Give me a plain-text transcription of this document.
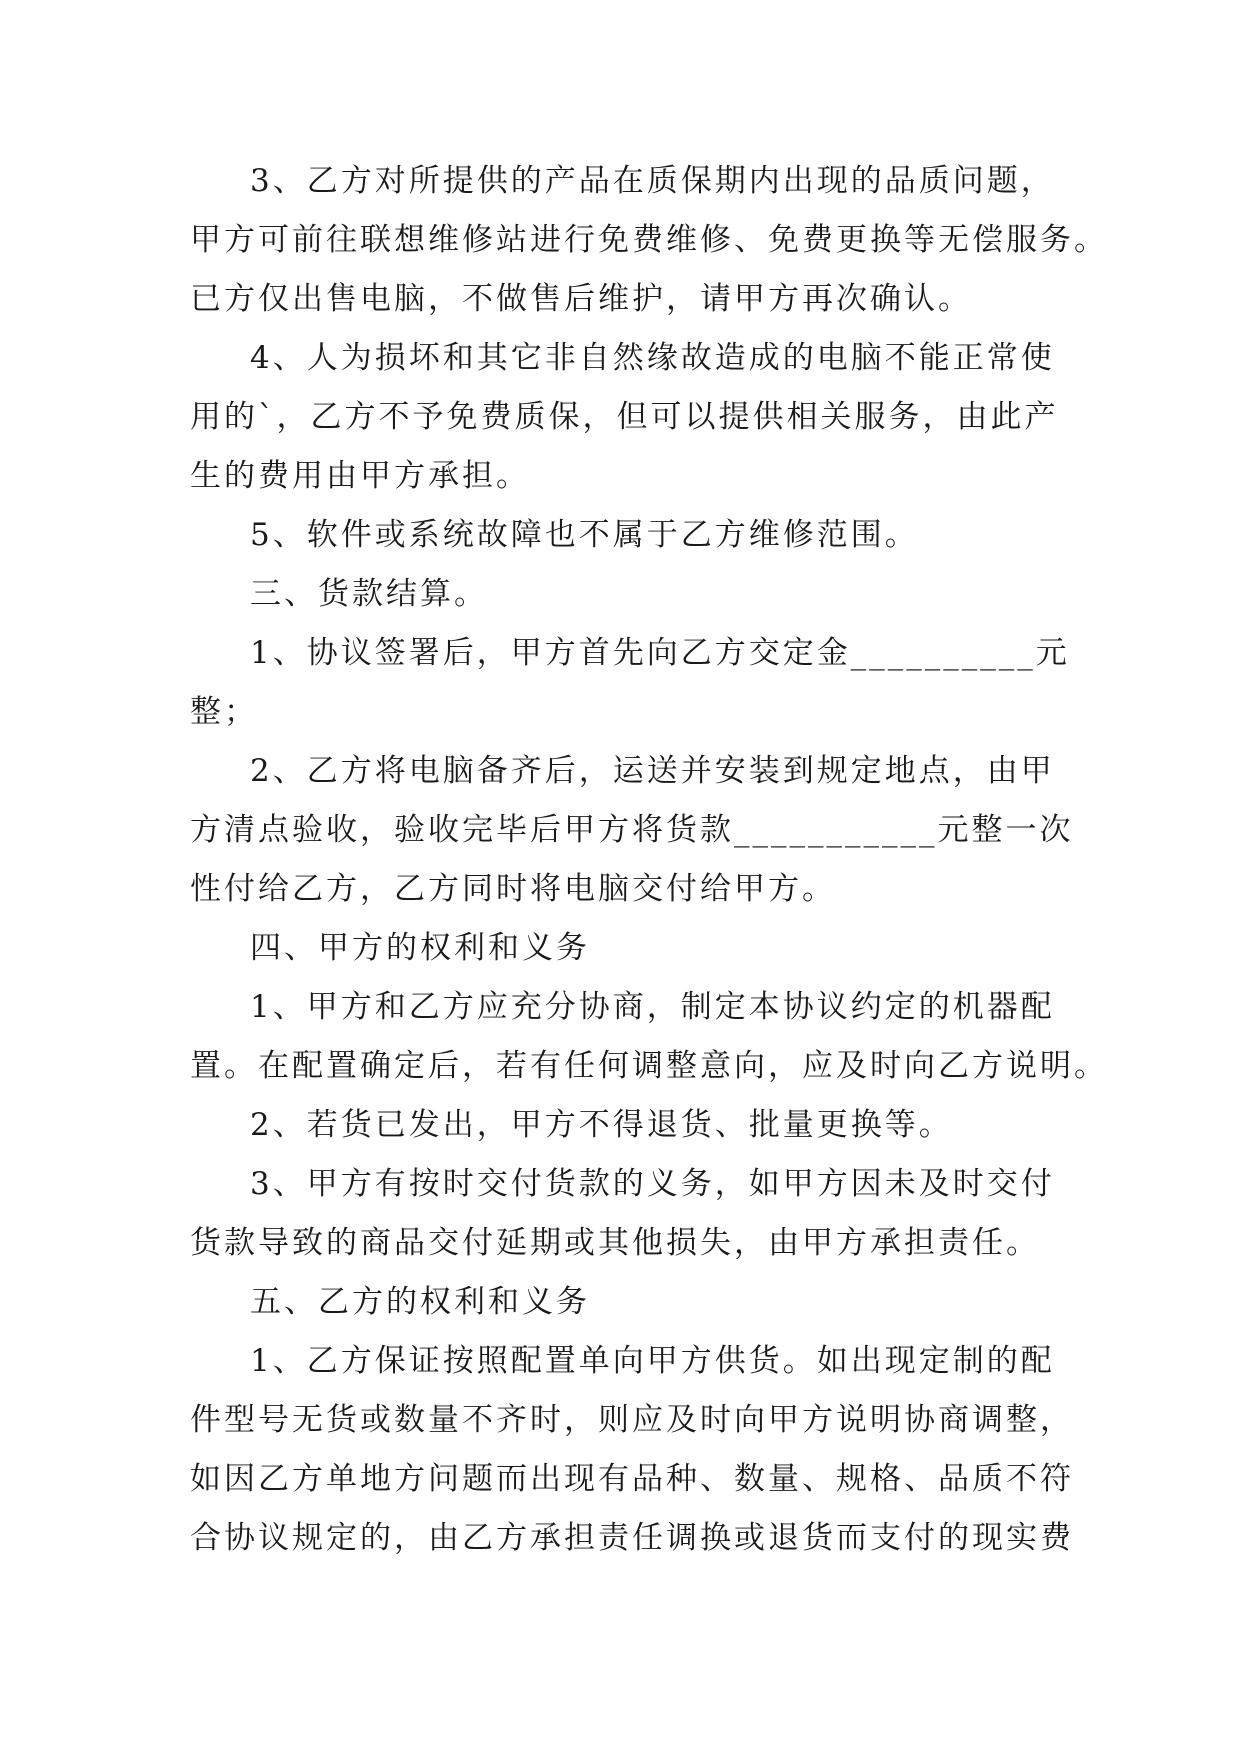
3、乙方对所提供的产品在质保期内出现的品质问题，
甲方可前往联想维修站进行免费维修、免费更换等无偿服务。
已方仅出售电脑，不做售后维护，请甲方再次确认。
4、人为损坏和其它非自然缘故造成的电脑不能正常使
用的`，乙方不予免费质保，但可以提供相关服务，由此产
生的费用由甲方承担。
5、软件或系统故障也不属于乙方维修范围。
三、货款结算。
1、协议签署后，甲方首先向乙方交定金__________元
整；
2、乙方将电脑备齐后，运送并安装到规定地点，由甲
方清点验收，验收完毕后甲方将货款___________元整一次
性付给乙方，乙方同时将电脑交付给甲方。
四、甲方的权利和义务
1、甲方和乙方应充分协商，制定本协议约定的机器配
置。在配置确定后，若有任何调整意向，应及时向乙方说明。
2、若货已发出，甲方不得退货、批量更换等。
3、甲方有按时交付货款的义务，如甲方因未及时交付
货款导致的商品交付延期或其他损失，由甲方承担责任。
五、乙方的权利和义务
1、乙方保证按照配置单向甲方供货。如出现定制的配
件型号无货或数量不齐时，则应及时向甲方说明协商调整，
如因乙方单地方问题而出现有品种、数量、规格、品质不符
合协议规定的，由乙方承担责任调换或退货而支付的现实费
